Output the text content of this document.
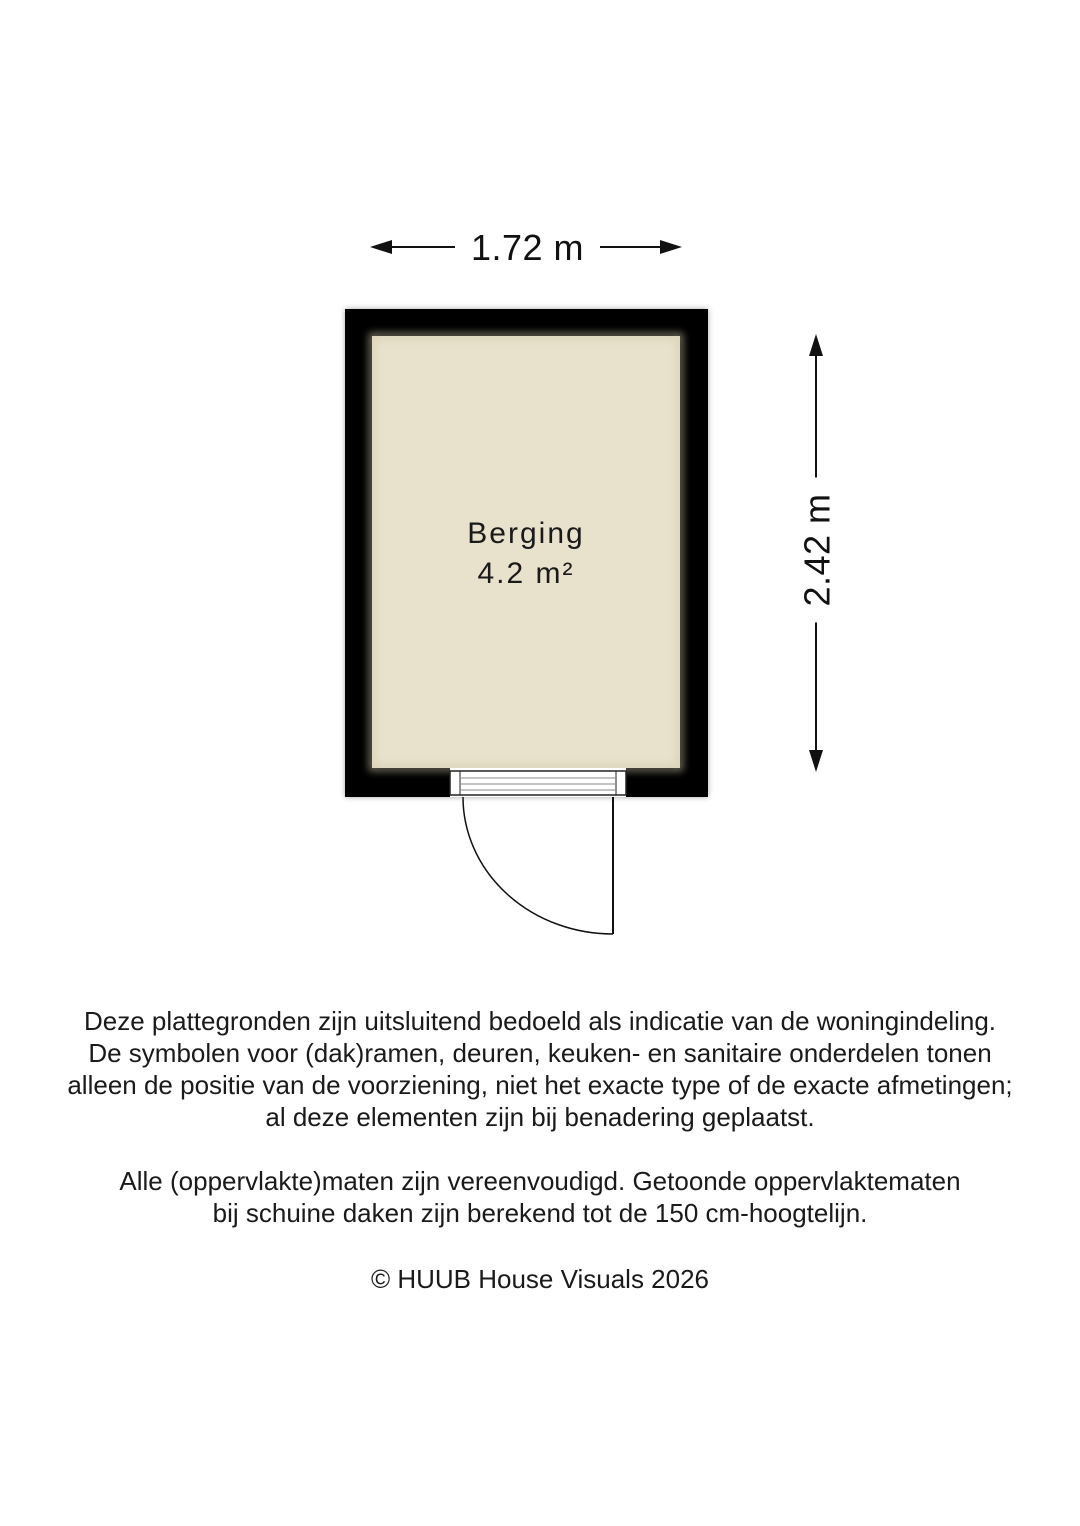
1.72 m
2.42 m
Berging
4.2 m²

Deze plattegronden zijn uitsluitend bedoeld als indicatie van de woningindeling.

De symbolen voor (dak)ramen, deuren, keuken- en sanitaire onderdelen tonen

alleen de positie van de voorziening, niet het exacte type of de exacte afmetingen;

al deze elementen zijn bij benadering geplaatst.

Alle (oppervlakte)maten zijn vereenvoudigd. Getoonde oppervlaktematen

bij schuine daken zijn berekend tot de 150 cm-hoogtelijn.

© HUUB House Visuals 2026
